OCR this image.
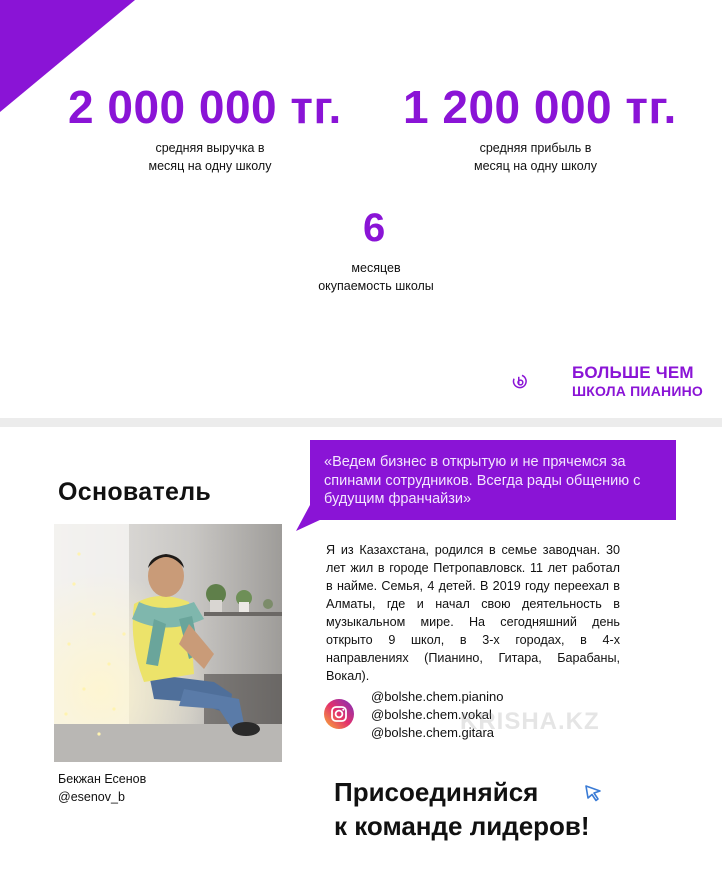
2 000 000 тг.
средняя выручка в
месяц на одну школу
1 200 000 тг.
средняя прибыль в
месяц на одну школу
6
месяцев
окупаемость школы
БОЛЬШЕ ЧЕМ
ШКОЛА ПИАНИНО
Основатель
«Ведем бизнес в открытую и не прячемся за спинами сотрудников. Всегда рады общению с будущим франчайзи»
Я из Казахстана, родился в семье заводчан. 30 лет жил в городе Петропавловск. 11 лет работал в найме. Семья, 4 детей. В 2019 году переехал в Алматы, где и начал свою деятельность в музыкальном мире. На сегодняшний день открыто 9 школ, в 3-х городах, в 4-х направлениях (Пианино, Гитара, Барабаны, Вокал).
@bolshe.chem.pianino
@bolshe.chem.vokal
@bolshe.chem.gitara
KRISHA.KZ
Бекжан Есенов
@esenov_b	Присоединяйся
к команде лидеров!
